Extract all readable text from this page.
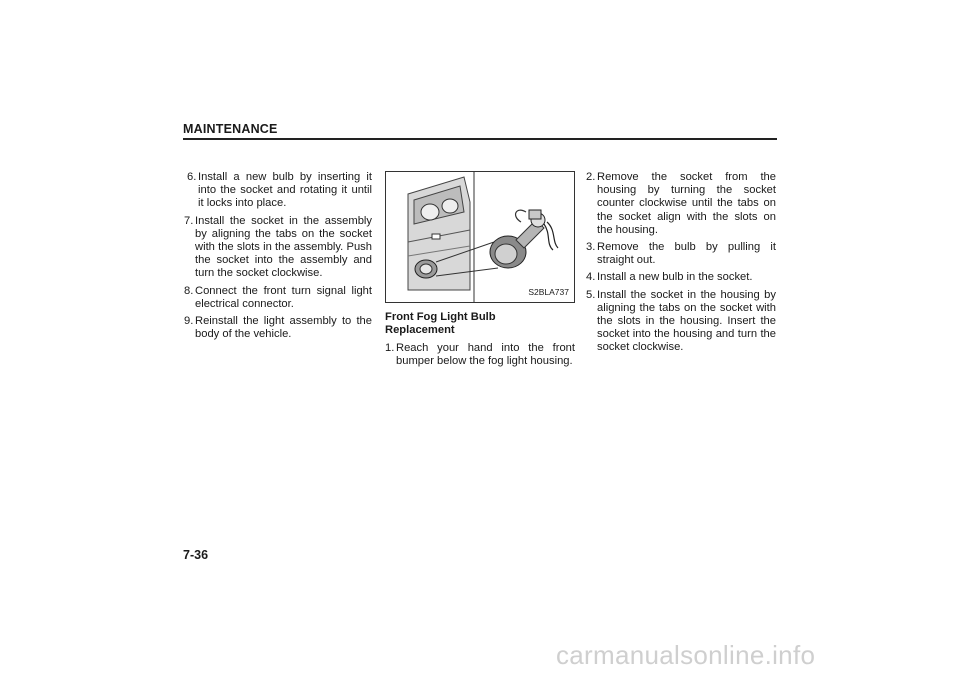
MAINTENANCE
6. Install a new bulb by inserting it into the socket and rotating it until it locks into place.
7. Install the socket in the assembly by aligning the tabs on the socket with the slots in the assembly. Push the socket into the assembly and turn the socket clockwise.
8. Connect the front turn signal light electrical connector.
9. Reinstall the light assembly to the body of the vehicle.
S2BLA737
Front Fog Light Bulb
Replacement
1. Reach your hand into the front bumper below the fog light housing.
2. Remove the socket from the housing by turning the socket counter clockwise until the tabs on the socket align with the slots on the housing.
3. Remove the bulb by pulling it straight out.
4. Install a new bulb in the socket.
5. Install the socket in the housing by aligning the tabs on the socket with the slots in the housing. Insert the socket into the housing and turn the socket clockwise.
7-36
carmanualsonline.info
